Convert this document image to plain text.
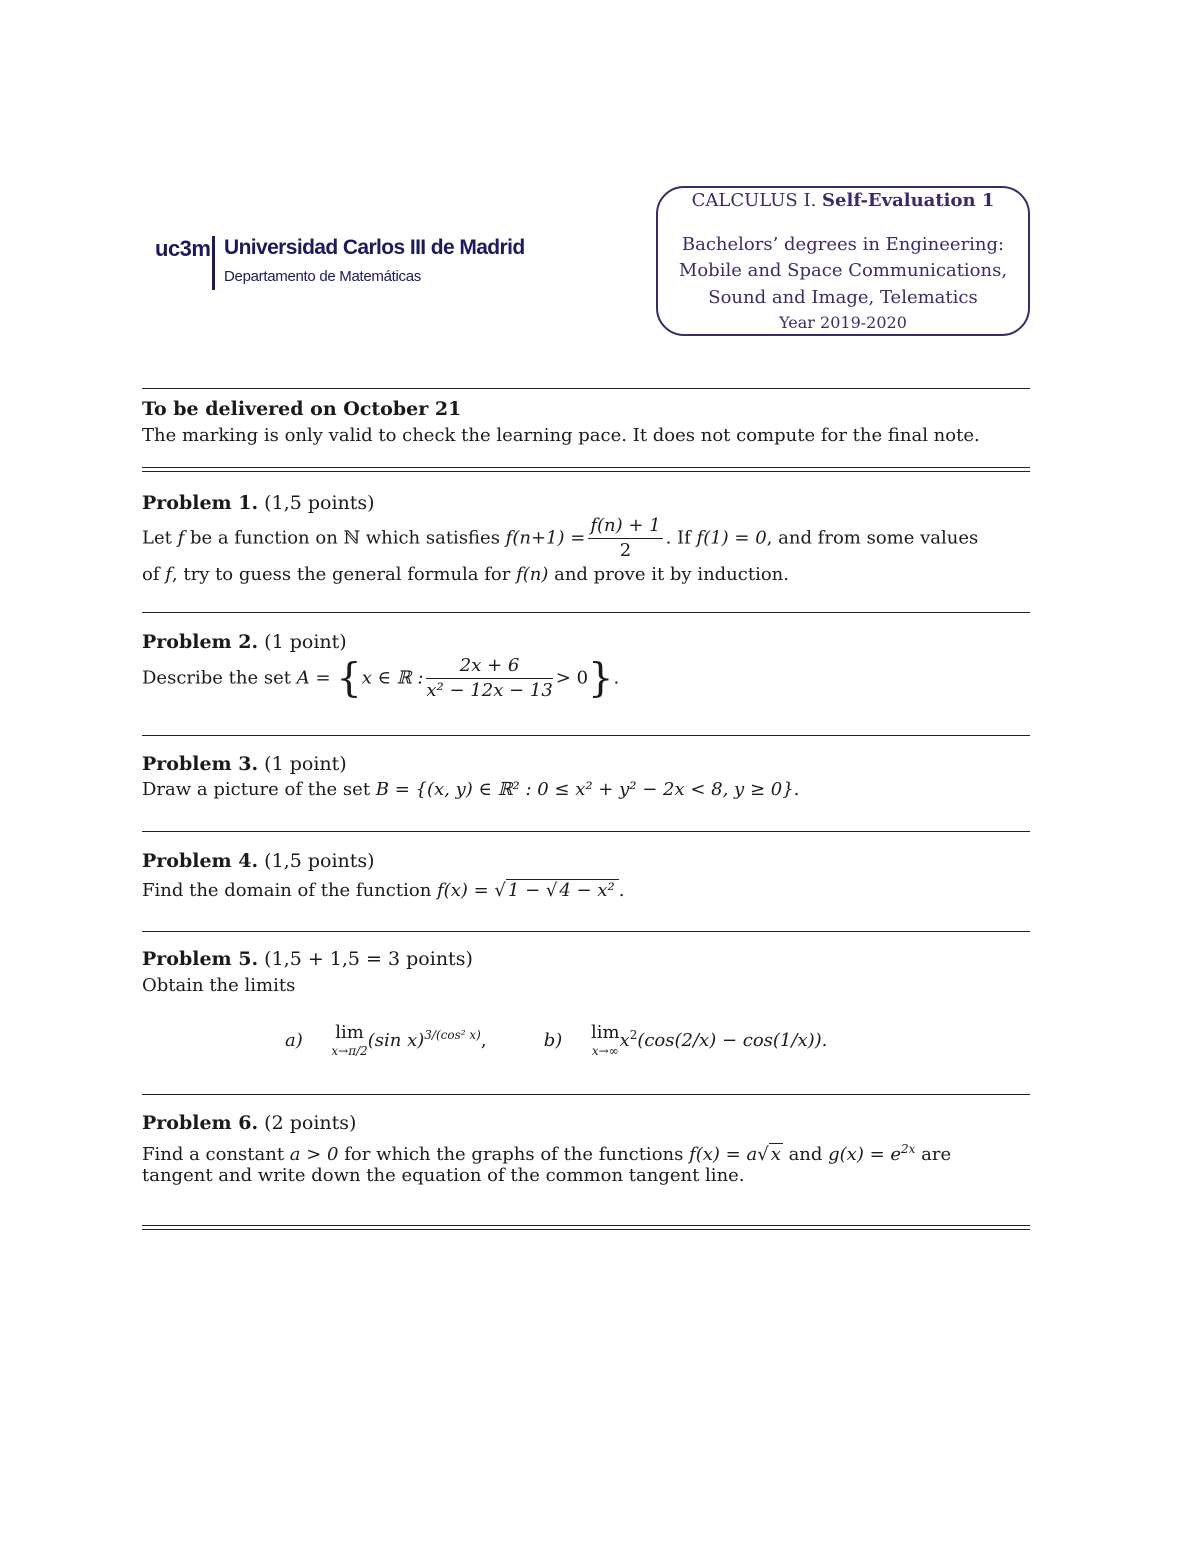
uc3m Universidad Carlos III de Madrid
Departamento de Matemáticas
CALCULUS I. Self-Evaluation 1
Bachelors’ degrees in Engineering:
Mobile and Space Communications,
Sound and Image, Telematics
Year 2019-2020
To be delivered on October 21
The marking is only valid to check the learning pace. It does not compute for the final note.
Problem 1. (1,5 points)
Let f be a function on ℕ which satisfies $f(n+1) = \frac{f(n) + 1}{2}$ . If f(1) = 0, and from some values
of f, try to guess the general formula for f(n) and prove it by induction.
Problem 2. (1 point)
Describe the set A = {x ∈ ℝ : $\frac{2x + 6}{\text{x² − 12x − 13}} > 0$}.
Problem 3. (1 point)
Draw a picture of the set B = {(x, y) ∈ ℝ² : 0 ≤ x² + y² − 2x < 8, y ≥ 0}.
Problem 4. (1,5 points)
Find the domain of the function f(x) = √ 1 − √ 4 − x² .
Problem 5. (1,5 + 1,5 = 3 points)
Obtain the limits
a) lim
x→π/2 (sin x)$^{3/(cos^2 x)}$,	b) lim
x→∞ $x^2(\cos(2/x) - \cos(1/x))$.
Problem 6. (2 points)
Find a constant a > 0 for which the graphs of the functions f(x) = a√ x and $g(x) = e^{2x}$ are
tangent and write down the equation of the common tangent line.
